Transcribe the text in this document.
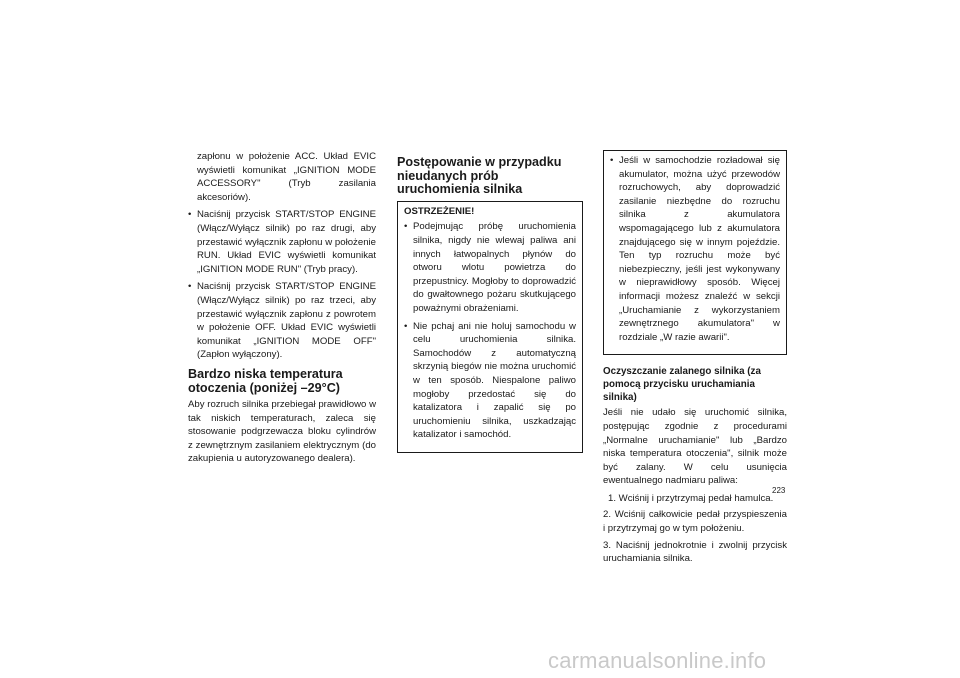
zapłonu w położenie ACC. Układ EVIC wyświetli komunikat „IGNITION MODE ACCESSORY" (Tryb zasilania akcesoriów).

• Naciśnij przycisk START/STOP ENGINE (Włącz/Wyłącz silnik) po raz drugi, aby przestawić wyłącznik zapłonu w położenie RUN. Układ EVIC wyświetli komunikat „IGNITION MODE RUN" (Tryb pracy).
• Naciśnij przycisk START/STOP ENGINE (Włącz/Wyłącz silnik) po raz trzeci, aby przestawić wyłącznik zapłonu z powrotem w położenie OFF. Układ EVIC wyświetli komunikat „IGNITION MODE OFF" (Zapłon wyłączony).
Bardzo niska temperatura otoczenia (poniżej –29°C)

Aby rozruch silnika przebiegał prawidłowo w tak niskich temperaturach, zaleca się stosowanie podgrzewacza bloku cylindrów z zewnętrznym zasilaniem elektrycznym (do zakupienia u autoryzowanego dealera).

Postępowanie w przypadku nieudanych prób uruchomienia silnika
OSTRZEŻENIE!
• Podejmując próbę uruchomienia silnika, nigdy nie wlewaj paliwa ani innych łatwopalnych płynów do otworu wlotu powietrza do przepustnicy. Mogłoby to doprowadzić do gwałtownego pożaru skutkującego poważnymi obrażeniami.
• Nie pchaj ani nie holuj samochodu w celu uruchomienia silnika. Samochodów z automatyczną skrzynią biegów nie można uruchomić w ten sposób. Niespalone paliwo mogłoby przedostać się do katalizatora i zapalić się po uruchomieniu silnika, uszkadzając katalizator i samochód.
• Jeśli w samochodzie rozładował się akumulator, można użyć przewodów rozruchowych, aby doprowadzić zasilanie niezbędne do rozruchu silnika z akumulatora wspomagającego lub z akumulatora znajdującego się w innym pojeździe. Ten typ rozruchu może być niebezpieczny, jeśli jest wykonywany w nieprawidłowy sposób. Więcej informacji możesz znaleźć w sekcji „Uruchamianie z wykorzystaniem zewnętrznego akumulatora" w rozdziale „W razie awarii".
Oczyszczanie zalanego silnika (za pomocą przycisku uruchamiania silnika)

Jeśli nie udało się uruchomić silnika, postępując zgodnie z procedurami „Normalne uruchamianie" lub „Bardzo niska temperatura otoczenia", silnik może być zalany. W celu usunięcia ewentualnego nadmiaru paliwa:

1. Wciśnij i przytrzymaj pedał hamulca.

2. Wciśnij całkowicie pedał przyspieszenia i przytrzymaj go w tym położeniu.

3. Naciśnij jednokrotnie i zwolnij przycisk uruchamiania silnika.

223
carmanualsonline.info
